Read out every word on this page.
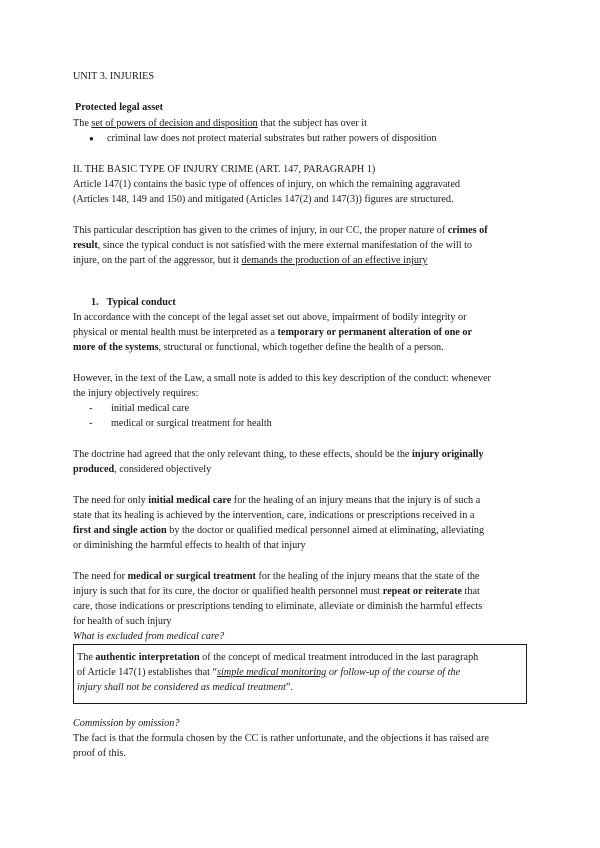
UNIT 3. INJURIES
Protected legal asset
The set of powers of decision and disposition that the subject has over it
● criminal law does not protect material substrates but rather powers of disposition
II. THE BASIC TYPE OF INJURY CRIME (ART. 147, PARAGRAPH 1)
Article 147(1) contains the basic type of offences of injury, on which the remaining aggravated
(Articles 148, 149 and 150) and mitigated (Articles 147(2) and 147(3)) figures are structured.
This particular description has given to the crimes of injury, in our CC, the proper nature of crimes of
result, since the typical conduct is not satisfied with the mere external manifestation of the will to
injure, on the part of the aggressor, but it demands the production of an effective injury
1. Typical conduct
In accordance with the concept of the legal asset set out above, impairment of bodily integrity or
physical or mental health must be interpreted as a temporary or permanent alteration of one or
more of the systems, structural or functional, which together define the health of a person.
However, in the text of the Law, a small note is added to this key description of the conduct: whenever
the injury objectively requires:
- initial medical care
- medical or surgical treatment for health
The doctrine had agreed that the only relevant thing, to these effects, should be the injury originally
produced, considered objectively
The need for only initial medical care for the healing of an injury means that the injury is of such a
state that its healing is achieved by the intervention, care, indications or prescriptions received in a
first and single action by the doctor or qualified medical personnel aimed at eliminating, alleviating
or diminishing the harmful effects to health of that injury
The need for medical or surgical treatment for the healing of the injury means that the state of the
injury is such that for its cure, the doctor or qualified health personnel must repeat or reiterate that
care, those indications or prescriptions tending to eliminate, alleviate or diminish the harmful effects
for health of such injury
What is excluded from medical care?
The authentic interpretation of the concept of medical treatment introduced in the last paragraph
of Article 147(1) establishes that “simple medical monitoring or follow-up of the course of the
injury shall not be considered as medical treatment”.
Commission by omission?
The fact is that the formula chosen by the CC is rather unfortunate, and the objections it has raised are
proof of this.
